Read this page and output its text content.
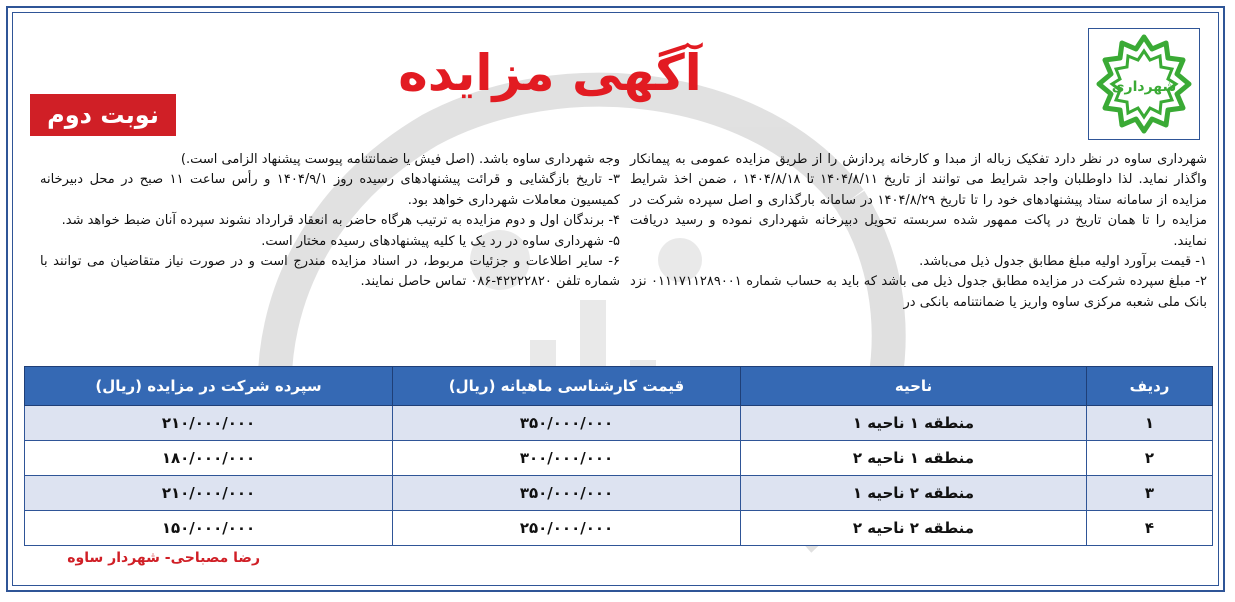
شهرداری
آگهی مزایده
نوبت دوم

شهرداری ساوه در نظر دارد تفکیک زباله از مبدا و کارخانه پردازش را از طریق مزایده عمومی به پیمانکار واگذار نماید. لذا داوطلبان واجد شرایط می توانند از تاریخ ۱۴۰۴/۸/۱۱ تا ۱۴۰۴/۸/۱۸ ، ضمن اخذ شرایط مزایده از سامانه ستاد پیشنهادهای خود را تا تاریخ ۱۴۰۴/۸/۲۹ در سامانه بارگذاری و اصل سپرده شرکت در مزایده را تا همان تاریخ در پاکت ممهور شده سربسته تحویل دبیرخانه شهرداری نموده و رسید دریافت نمایند.

۱- قیمت برآورد اولیه مبلغ مطابق جدول ذیل می‌باشد.

۲- مبلغ سپرده شرکت در مزایده مطابق جدول ذیل می باشد که باید به حساب شماره ۰۱۱۱۷۱۱۲۸۹۰۰۱ نزد بانک ملی شعبه مرکزی ساوه واریز یا ضمانتنامه بانکی در

وجه شهرداری ساوه باشد. (اصل فیش یا ضمانتنامه پیوست پیشنهاد الزامی است.)

۳- تاریخ بازگشایی و قرائت پیشنهادهای رسیده روز ۱۴۰۴/۹/۱ و رأس ساعت ۱۱ صبح در محل دبیرخانه کمیسیون معاملات شهرداری خواهد بود.

۴- برندگان اول و دوم مزایده به ترتیب هرگاه حاضر به انعقاد قرارداد نشوند سپرده آنان ضبط خواهد شد.

۵- شهرداری ساوه در رد یک یا کلیه پیشنهادهای رسیده مختار است.

۶- سایر اطلاعات و جزئیات مربوط، در اسناد مزایده مندرج است و در صورت نیاز متقاضیان می توانند با شماره تلفن ۴۲۲۲۲۸۲۰-۰۸۶ تماس حاصل نمایند.

ردیف	ناحیه	قیمت کارشناسی ماهیانه (ریال)	سپرده شرکت در مزایده (ریال)
۱	منطقه ۱ ناحیه ۱	۳۵۰/۰۰۰/۰۰۰	۲۱۰/۰۰۰/۰۰۰
۲	منطقه ۱ ناحیه ۲	۳۰۰/۰۰۰/۰۰۰	۱۸۰/۰۰۰/۰۰۰
۳	منطقه ۲ ناحیه ۱	۳۵۰/۰۰۰/۰۰۰	۲۱۰/۰۰۰/۰۰۰
۴	منطقه ۲ ناحیه ۲	۲۵۰/۰۰۰/۰۰۰	۱۵۰/۰۰۰/۰۰۰
رضا مصباحی- شهردار ساوه
